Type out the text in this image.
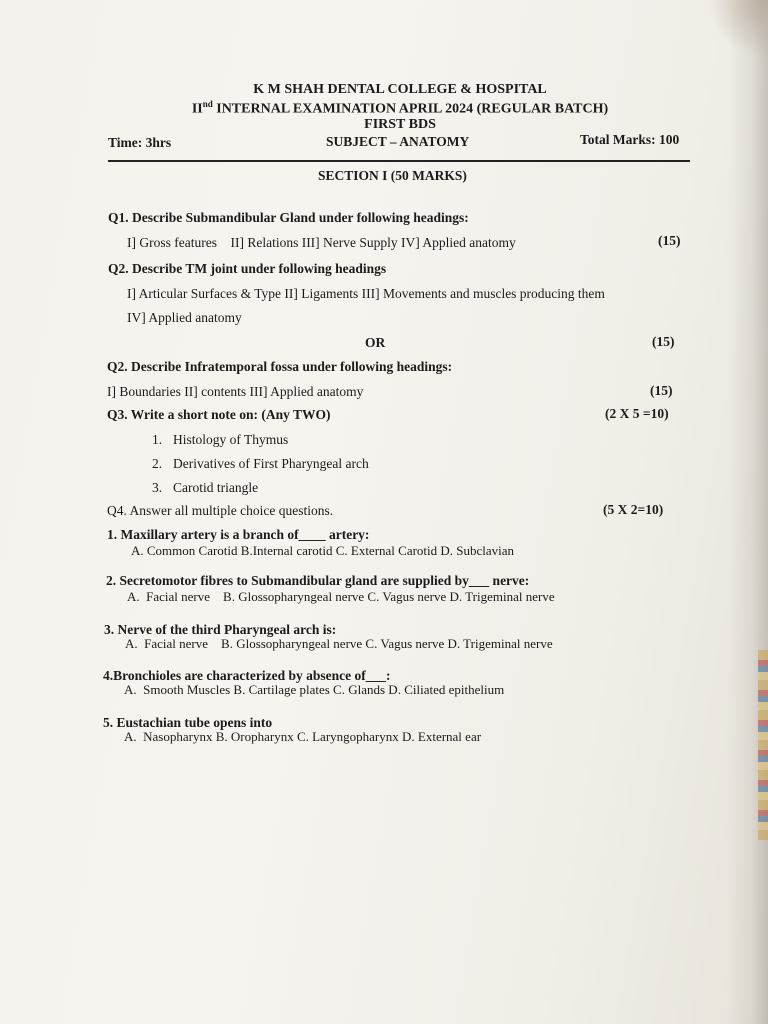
K M SHAH DENTAL COLLEGE & HOSPITAL
IInd INTERNAL EXAMINATION APRIL 2024 (REGULAR BATCH)
FIRST BDS
Time: 3hrs	SUBJECT – ANATOMY	Total Marks: 100
SECTION I (50 MARKS)
Q1. Describe Submandibular Gland under following headings:
I] Gross features    II] Relations III] Nerve Supply IV] Applied anatomy	(15)
Q2. Describe TM joint under following headings
I] Articular Surfaces & Type II] Ligaments III] Movements and muscles producing them
IV] Applied anatomy
OR	(15)
Q2. Describe Infratemporal fossa under following headings:
I] Boundaries II] contents III] Applied anatomy	(15)
Q3. Write a short note on: (Any TWO)	(2 X 5 =10)
1. Histology of Thymus
2. Derivatives of First Pharyngeal arch
3. Carotid triangle
Q4. Answer all multiple choice questions.	(5 X 2=10)
1. Maxillary artery is a branch of____ artery:
A. Common Carotid B.Internal carotid C. External Carotid D. Subclavian
2. Secretomotor fibres to Submandibular gland are supplied by___ nerve:
A.  Facial nerve    B. Glossopharyngeal nerve C. Vagus nerve D. Trigeminal nerve
3. Nerve of the third Pharyngeal arch is:
A.  Facial nerve    B. Glossopharyngeal nerve C. Vagus nerve D. Trigeminal nerve
4.Bronchioles are characterized by absence of___:
A.  Smooth Muscles B. Cartilage plates C. Glands D. Ciliated epithelium
5. Eustachian tube opens into
A.  Nasopharynx B. Oropharynx C. Laryngopharynx D. External ear
